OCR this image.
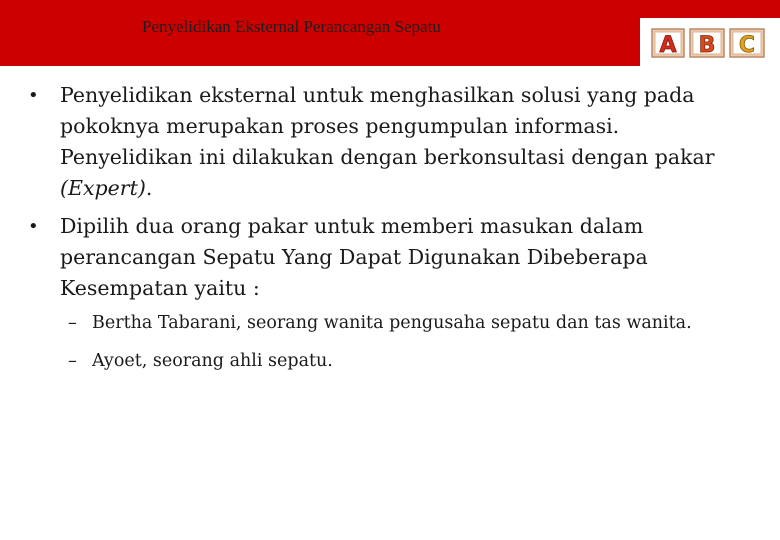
Penyelidikan Eksternal Perancangan Sepatu
A B C
•	Penyelidikan eksternal untuk menghasilkan solusi yang pada pokoknya merupakan proses pengumpulan informasi. Penyelidikan ini dilakukan dengan berkonsultasi dengan pakar (Expert).
•	Dipilih dua orang pakar untuk memberi masukan dalam perancangan Sepatu Yang Dapat Digunakan Dibeberapa Kesempatan yaitu :
– Bertha Tabarani, seorang wanita pengusaha sepatu dan tas wanita.
– Ayoet, seorang ahli sepatu.
